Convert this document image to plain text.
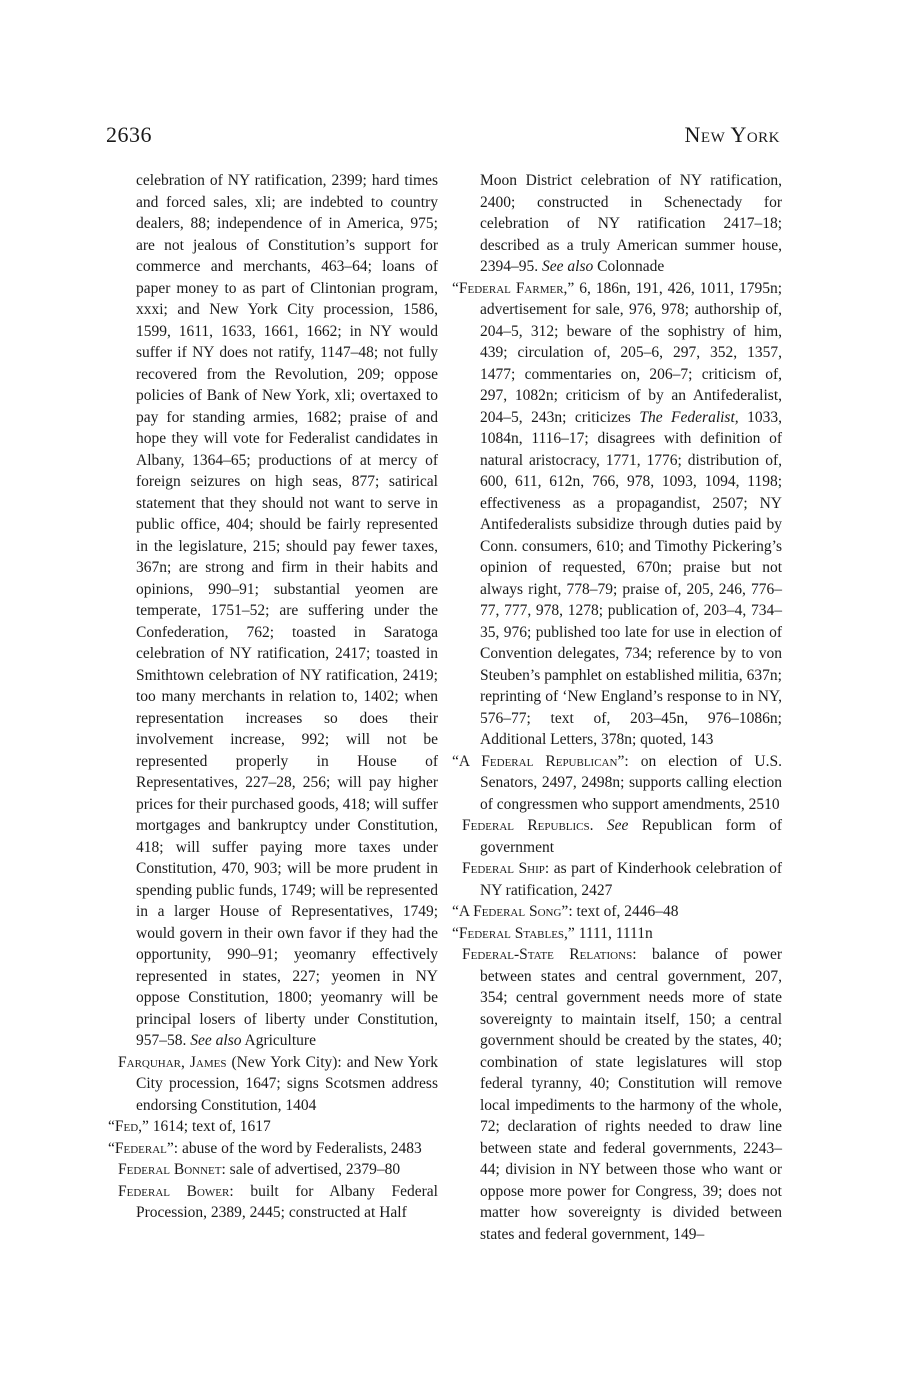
2636	New York

celebration of NY ratification, 2399; hard times and forced sales, xli; are indebted to country dealers, 88; independence of in America, 975; are not jealous of Constitution’s support for commerce and merchants, 463–64; loans of paper money to as part of Clintonian program, xxxi; and New York City procession, 1586, 1599, 1611, 1633, 1661, 1662; in NY would suffer if NY does not ratify, 1147–48; not fully recovered from the Revolution, 209; oppose policies of Bank of New York, xli; overtaxed to pay for standing armies, 1682; praise of and hope they will vote for Federalist candidates in Albany, 1364–65; productions of at mercy of foreign seizures on high seas, 877; satirical statement that they should not want to serve in public office, 404; should be fairly represented in the legislature, 215; should pay fewer taxes, 367n; are strong and firm in their habits and opinions, 990–91; substantial yeomen are temperate, 1751–52; are suffering under the Confederation, 762; toasted in Saratoga celebration of NY ratification, 2417; toasted in Smithtown celebration of NY ratification, 2419; too many merchants in relation to, 1402; when representation increases so does their involvement increase, 992; will not be represented properly in House of Representatives, 227–28, 256; will pay higher prices for their purchased goods, 418; will suffer mortgages and bankruptcy under Constitution, 418; will suffer paying more taxes under Constitution, 470, 903; will be more prudent in spending public funds, 1749; will be represented in a larger House of Representatives, 1749; would govern in their own favor if they had the opportunity, 990–91; yeomanry effectively represented in states, 227; yeomen in NY oppose Constitution, 1800; yeomanry will be principal losers of liberty under Constitution, 957–58. See also Agriculture

Farquhar, James (New York City): and New York City procession, 1647; signs Scotsmen address endorsing Constitution, 1404

“Fed,” 1614; text of, 1617

“Federal”: abuse of the word by Federalists, 2483

Federal Bonnet: sale of advertised, 2379–80

Federal Bower: built for Albany Federal Procession, 2389, 2445; constructed at Half

Moon District celebration of NY ratification, 2400; constructed in Schenectady for celebration of NY ratification 2417–18; described as a truly American summer house, 2394–95. See also Colonnade

“Federal Farmer,” 6, 186n, 191, 426, 1011, 1795n; advertisement for sale, 976, 978; authorship of, 204–5, 312; beware of the sophistry of him, 439; circulation of, 205–6, 297, 352, 1357, 1477; commentaries on, 206–7; criticism of, 297, 1082n; criticism of by an Antifederalist, 204–5, 243n; criticizes The Federalist, 1033, 1084n, 1116–17; disagrees with definition of natural aristocracy, 1771, 1776; distribution of, 600, 611, 612n, 766, 978, 1093, 1094, 1198; effectiveness as a propagandist, 2507; NY Antifederalists subsidize through duties paid by Conn. consumers, 610; and Timothy Pickering’s opinion of requested, 670n; praise but not always right, 778–79; praise of, 205, 246, 776–77, 777, 978, 1278; publication of, 203–4, 734–35, 976; published too late for use in election of Convention delegates, 734; reference by to von Steuben’s pamphlet on established militia, 637n; reprinting of ‘New England’s response to in NY, 576–77; text of, 203–45n, 976–1086n; Additional Letters, 378n; quoted, 143

“A Federal Republican”: on election of U.S. Senators, 2497, 2498n; supports calling election of congressmen who support amendments, 2510

Federal Republics. See Republican form of government

Federal Ship: as part of Kinderhook celebration of NY ratification, 2427

“A Federal Song”: text of, 2446–48

“Federal Stables,” 1111, 1111n

Federal-State Relations: balance of power between states and central government, 207, 354; central government needs more of state sovereignty to maintain itself, 150; a central government should be created by the states, 40; combination of state legislatures will stop federal tyranny, 40; Constitution will remove local impediments to the harmony of the whole, 72; declaration of rights needed to draw line between state and federal governments, 2243–44; division in NY between those who want or oppose more power for Congress, 39; does not matter how sovereignty is divided between states and federal government, 149–
